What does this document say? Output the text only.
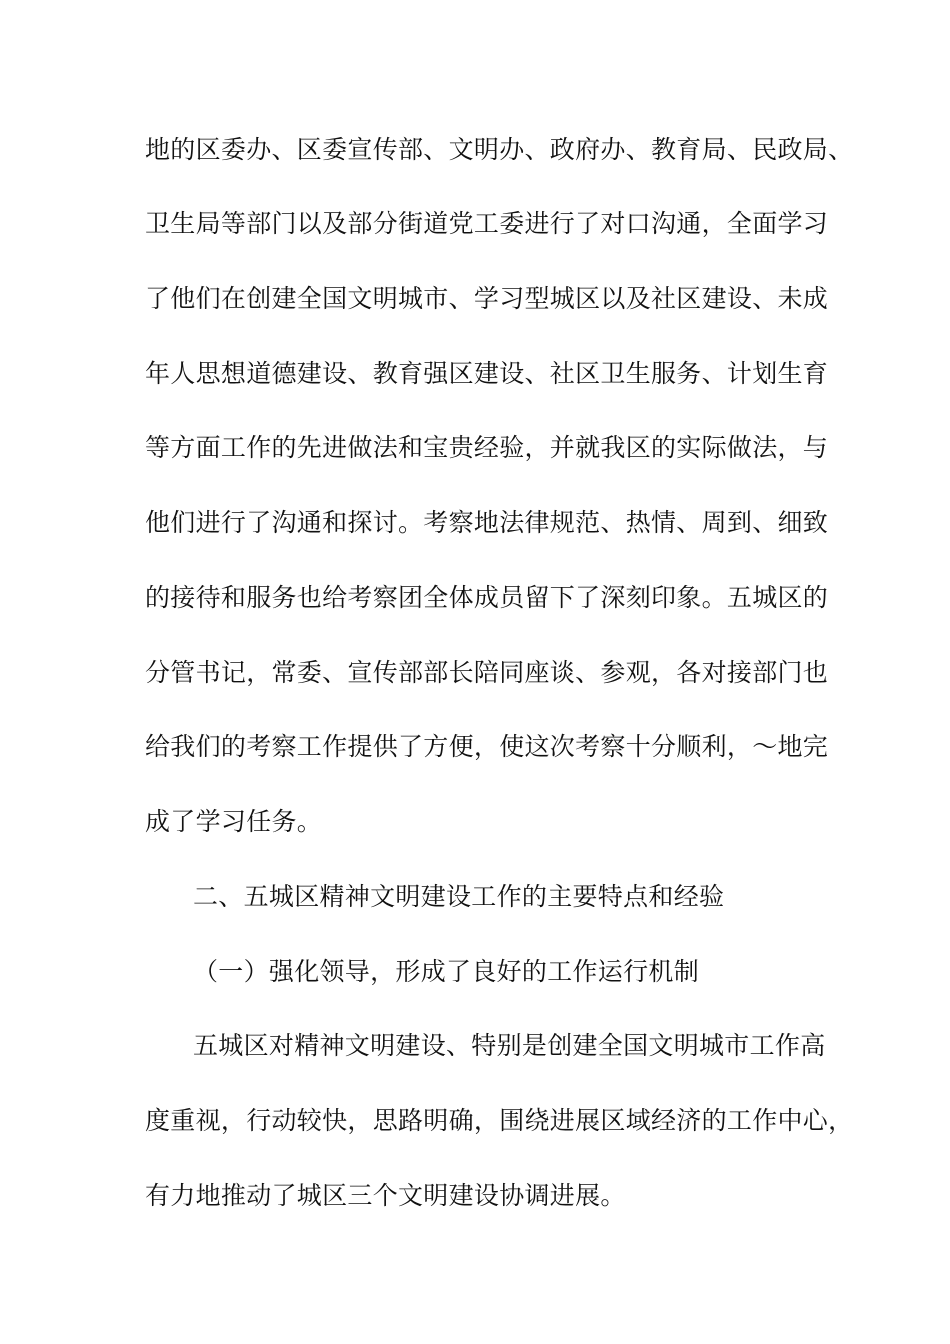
地的区委办、区委宣传部、文明办、政府办、教育局、民政局、
卫生局等部门以及部分街道党工委进行了对口沟通，全面学习
了他们在创建全国文明城市、学习型城区以及社区建设、未成
年人思想道德建设、教育强区建设、社区卫生服务、计划生育
等方面工作的先进做法和宝贵经验，并就我区的实际做法，与
他们进行了沟通和探讨。考察地法律规范、热情、周到、细致
的接待和服务也给考察团全体成员留下了深刻印象。五城区的
分管书记，常委、宣传部部长陪同座谈、参观，各对接部门也
给我们的考察工作提供了方便，使这次考察十分顺利，～地完
成了学习任务。
二、五城区精神文明建设工作的主要特点和经验
（一）强化领导，形成了良好的工作运行机制
五城区对精神文明建设、特别是创建全国文明城市工作高
度重视，行动较快，思路明确，围绕进展区域经济的工作中心，
有力地推动了城区三个文明建设协调进展。
